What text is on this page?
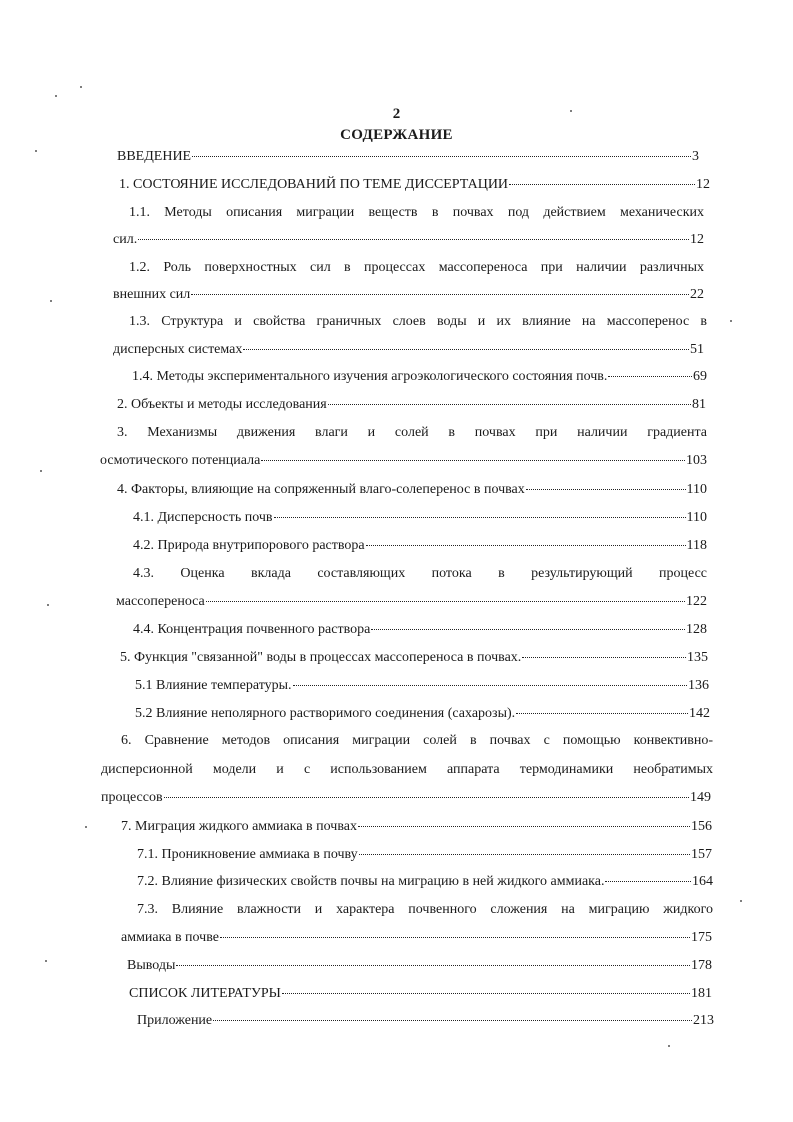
2
СОДЕРЖАНИЕ
ВВЕДЕНИЕ	3
1. СОСТОЯНИЕ ИССЛЕДОВАНИЙ ПО ТЕМЕ ДИССЕРТАЦИИ	12
1.1. Методы описания миграции веществ в почвах под действием механических
сил.	12
1.2. Роль поверхностных сил в процессах массопереноса при наличии различных
внешних сил	22
1.3. Структура и свойства граничных слоев воды и их влияние на массоперенос в
дисперсных системах	51
1.4. Методы экспериментального изучения агроэкологического состояния почв.	69
2. Объекты и методы исследования	81
3. Механизмы движения влаги и солей в почвах при наличии градиента
осмотического потенциала	103
4. Факторы, влияющие на сопряженный влаго-солеперенос в почвах	110
4.1. Дисперсность почв	110
4.2. Природа внутрипорового раствора	118
4.3. Оценка вклада составляющих потока в результирующий процесс
массопереноса	122
4.4. Концентрация почвенного раствора	128
5. Функция "связанной" воды в процессах массопереноса в почвах.	135
5.1 Влияние температуры.	136
5.2 Влияние неполярного растворимого соединения (сахарозы).	142
6. Сравнение методов описания миграции солей в почвах с помощью конвективно-
дисперсионной модели и с использованием аппарата термодинамики необратимых
процессов	149
7. Миграция жидкого аммиака в почвах	156
7.1. Проникновение аммиака в почву	157
7.2. Влияние физических свойств почвы на миграцию в ней жидкого аммиака.	164
7.3. Влияние влажности и характера почвенного сложения на миграцию жидкого
аммиака в почве	175
Выводы	178
СПИСОК ЛИТЕРАТУРЫ	181
Приложение	213
